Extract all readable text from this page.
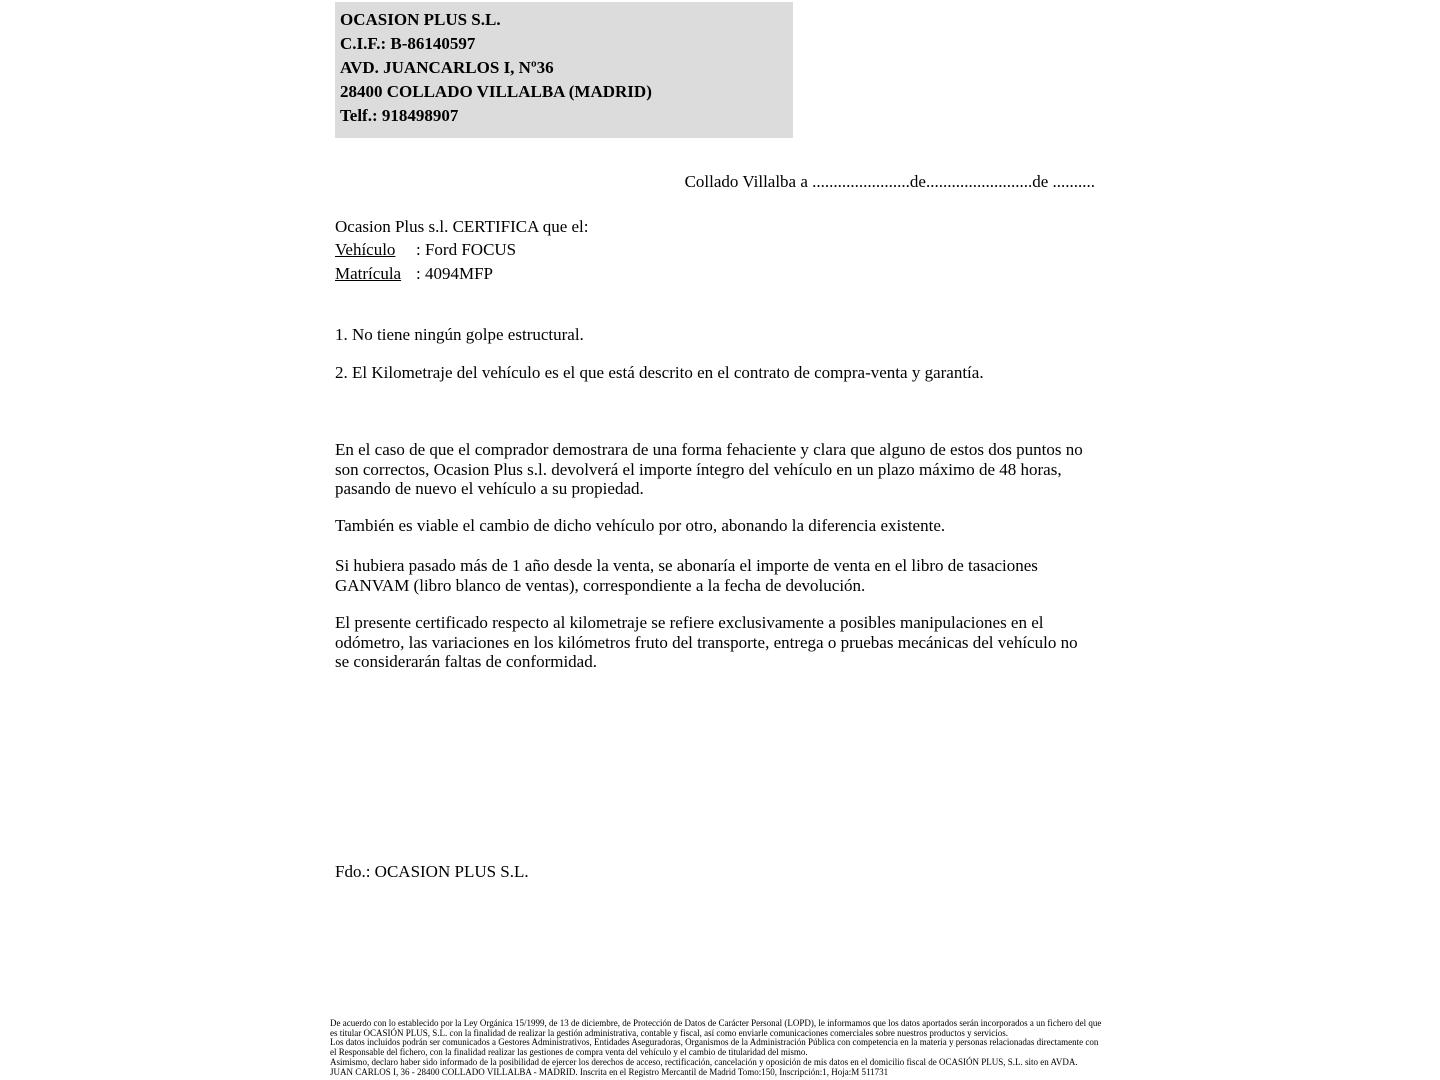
OCASION PLUS S.L.

C.I.F.: B-86140597

AVD. JUANCARLOS I, Nº36

28400 COLLADO VILLALBA (MADRID)

Telf.: 918498907

Collado Villalba a .......................de.........................de ..........
Ocasion Plus s.l. CERTIFICA que el:
Vehículo : Ford FOCUS
Matrícula : 4094MFP
1. No tiene ningún golpe estructural.
2. El Kilometraje del vehículo es el que está descrito en el contrato de compra-venta y garantía.
En el caso de que el comprador demostrara de una forma fehaciente y clara que alguno de estos dos puntos no son correctos, Ocasion Plus s.l. devolverá el importe íntegro del vehículo en un plazo máximo de 48 horas, pasando de nuevo el vehículo a su propiedad.
También es viable el cambio de dicho vehículo por otro, abonando la diferencia existente.
Si hubiera pasado más de 1 año desde la venta, se abonaría el importe de venta en el libro de tasaciones GANVAM (libro blanco de ventas), correspondiente a la fecha de devolución.
El presente certificado respecto al kilometraje se refiere exclusivamente a posibles manipulaciones en el odómetro, las variaciones en los kilómetros fruto del transporte, entrega o pruebas mecánicas del vehículo no se considerarán faltas de conformidad.
Fdo.: OCASION PLUS S.L.

De acuerdo con lo establecido por la Ley Orgánica 15/1999, de 13 de diciembre, de Protección de Datos de Carácter Personal (LOPD), le informamos que los datos aportados serán incorporados a un fichero del que es titular OCASIÓN PLUS, S.L. con la finalidad de realizar la gestión administrativa, contable y fiscal, así como enviarle comunicaciones comerciales sobre nuestros productos y servicios.

Los datos incluidos podrán ser comunicados a Gestores Administrativos, Entidades Aseguradoras, Organismos de la Administración Pública con competencia en la materia y personas relacionadas directamente con el Responsable del fichero, con la finalidad realizar las gestiones de compra venta del vehículo y el cambio de titularidad del mismo.

Asimismo, declaro haber sido informado de la posibilidad de ejercer los derechos de acceso, rectificación, cancelación y oposición de mis datos en el domicilio fiscal de OCASIÓN PLUS, S.L. sito en AVDA. JUAN CARLOS I, 36 - 28400 COLLADO VILLALBA - MADRID. Inscrita en el Registro Mercantil de Madrid Tomo:150, Inscripción:1, Hoja:M 511731
